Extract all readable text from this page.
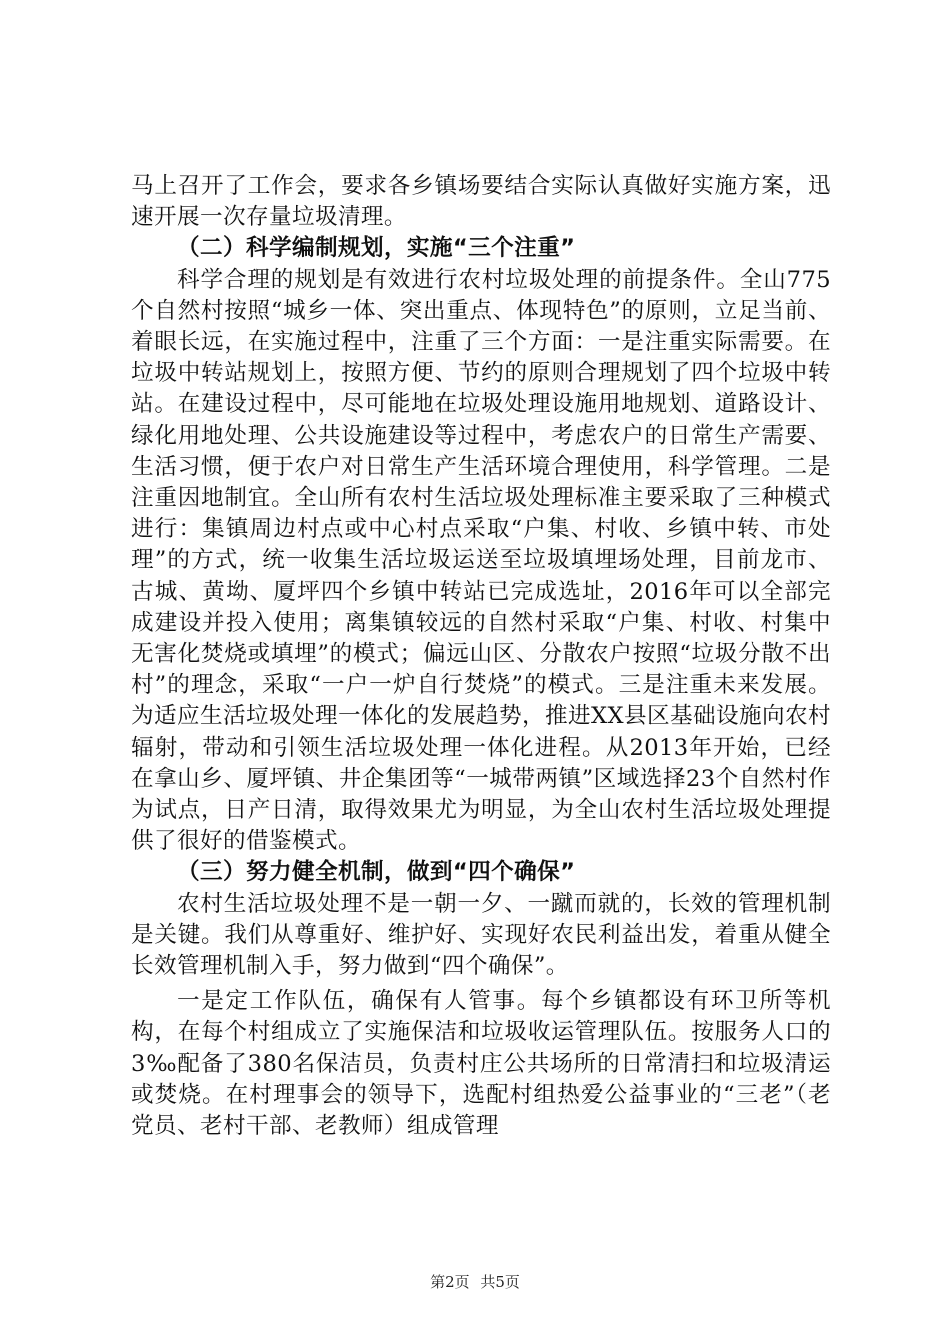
马上召开了工作会，要求各乡镇场要结合实际认真做好实施方案，迅速开展一次存量垃圾清理。

（二）科学编制规划，实施“三个注重”

科学合理的规划是有效进行农村垃圾处理的前提条件。全山775个自然村按照“城乡一体、突出重点、体现特色”的原则，立足当前、着眼长远，在实施过程中，注重了三个方面：一是注重实际需要。在垃圾中转站规划上，按照方便、节约的原则合理规划了四个垃圾中转站。在建设过程中，尽可能地在垃圾处理设施用地规划、道路设计、绿化用地处理、公共设施建设等过程中，考虑农户的日常生产需要、生活习惯，便于农户对日常生产生活环境合理使用，科学管理。二是注重因地制宜。全山所有农村生活垃圾处理标准主要采取了三种模式进行：集镇周边村点或中心村点采取“户集、村收、乡镇中转、市处理”的方式，统一收集生活垃圾运送至垃圾填埋场处理，目前龙市、古城、黄坳、厦坪四个乡镇中转站已完成选址，2016年可以全部完成建设并投入使用；离集镇较远的自然村采取“户集、村收、村集中无害化焚烧或填埋”的模式；偏远山区、分散农户按照“垃圾分散不出村”的理念，采取“一户一炉自行焚烧”的模式。三是注重未来发展。为适应生活垃圾处理一体化的发展趋势，推进XX县区基础设施向农村辐射，带动和引领生活垃圾处理一体化进程。从2013年开始，已经在拿山乡、厦坪镇、井企集团等“一城带两镇”区域选择23个自然村作为试点，日产日清，取得效果尤为明显，为全山农村生活垃圾处理提供了很好的借鉴模式。

（三）努力健全机制，做到“四个确保”

农村生活垃圾处理不是一朝一夕、一蹴而就的，长效的管理机制是关键。我们从尊重好、维护好、实现好农民利益出发，着重从健全长效管理机制入手，努力做到“四个确保”。

一是定工作队伍，确保有人管事。每个乡镇都设有环卫所等机构，在每个村组成立了实施保洁和垃圾收运管理队伍。按服务人口的3‰配备了380名保洁员，负责村庄公共场所的日常清扫和垃圾清运或焚烧。在村理事会的领导下，选配村组热爱公益事业的“三老”（老党员、老村干部、老教师）组成管理

第2页 共5页
